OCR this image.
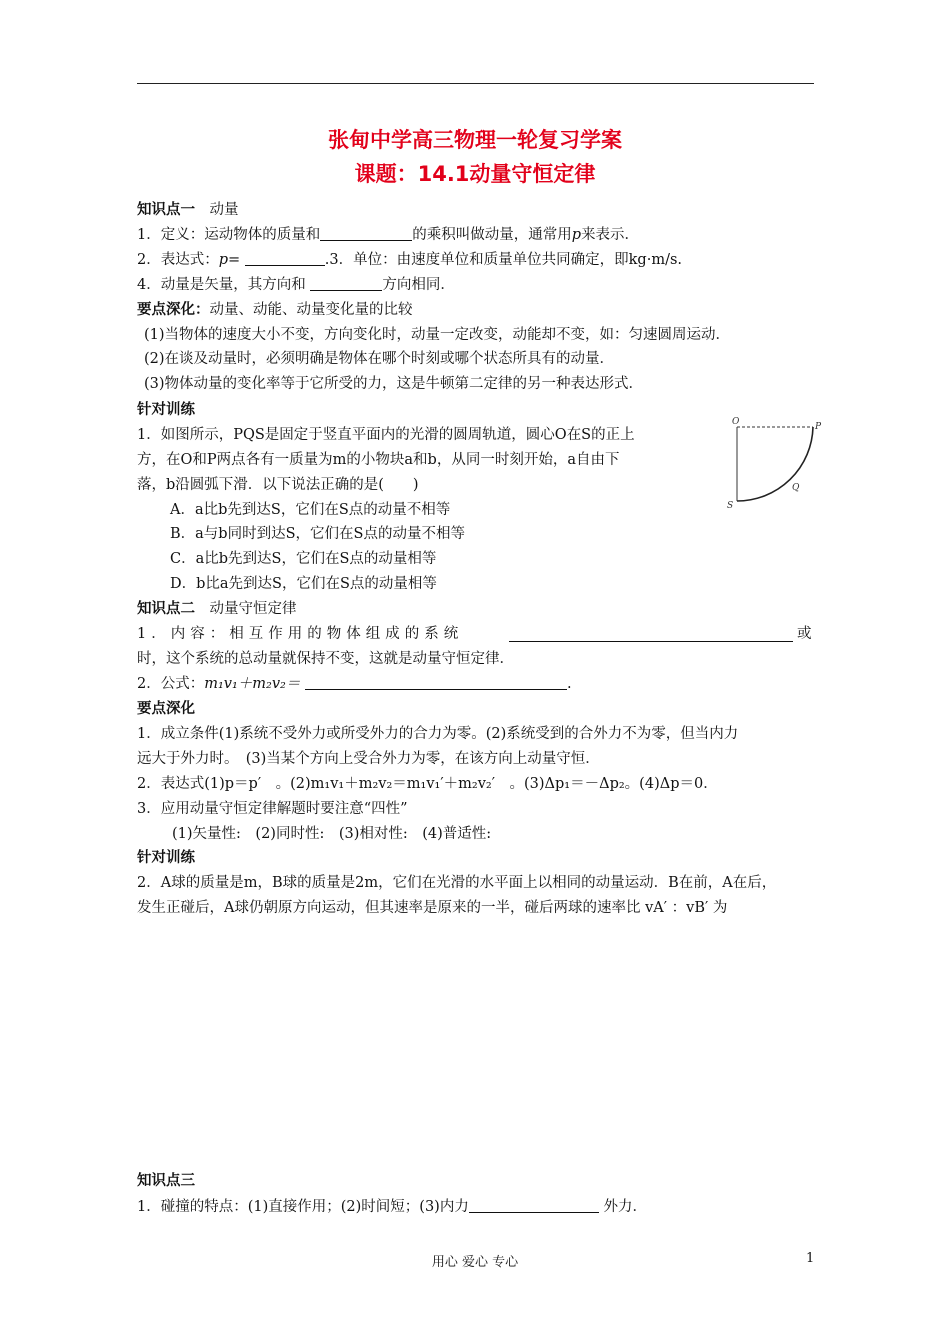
张甸中学高三物理一轮复习学案
课题：14.1动量守恒定律
知识点一　 动量
1．定义：运动物体的质量和	的乘积叫做动量，通常用p来表示．
2．表达式：p=	.3．单位：由速度单位和质量单位共同确定，即kg·m/s.
4．动量是矢量，其方向和	方向相同．
要点深化：动量、动能、动量变化量的比较
(1)当物体的速度大小不变，方向变化时，动量一定改变，动能却不变，如：匀速圆周运动．
(2)在谈及动量时，必须明确是物体在哪个时刻或哪个状态所具有的动量．
(3)物体动量的变化率等于它所受的力，这是牛顿第二定律的另一种表达形式．
针对训练
1．如图所示，PQS是固定于竖直平面内的光滑的圆周轨道，圆心O在S的正上
方，在O和P两点各有一质量为m的小物块a和b，从同一时刻开始，a自由下
落，b沿圆弧下滑．以下说法正确的是(　　)
A．a比b先到达S，它们在S点的动量不相等
B．a与b同时到达S，它们在S点的动量不相等
C．a比b先到达S，它们在S点的动量相等
D．b比a先到达S，它们在S点的动量相等
O	P
Q
S
知识点二　 动量守恒定律
1．内容：相互作用的物体组成的系统	或
时，这个系统的总动量就保持不变，这就是动量守恒定律．
2．公式：m₁v₁＋m₂v₂＝	.
要点深化
1．成立条件(1)系统不受外力或所受外力的合力为零。(2)系统受到的合外力不为零，但当内力
远大于外力时。　(3)当某个方向上受合外力为零，在该方向上动量守恒．
2．表达式(1)p＝p′　。(2)m₁v₁＋m₂v₂＝m₁v₁′＋m₂v₂′　。(3)Δp₁＝－Δp₂。(4)Δp＝0．
3．应用动量守恒定律解题时要注意“四性”
(1)矢量性:　(2)同时性:　(3)相对性:　(4)普适性:
针对训练
2．A球的质量是m，B球的质量是2m，它们在光滑的水平面上以相同的动量运动．B在前，A在后，
发生正碰后，A球仍朝原方向运动，但其速率是原来的一半，碰后两球的速率比 vA′ ：vB′ 为
知识点三
1．碰撞的特点：(1)直接作用；(2)时间短；(3)内力	外力．
用心 爱心 专心	1
